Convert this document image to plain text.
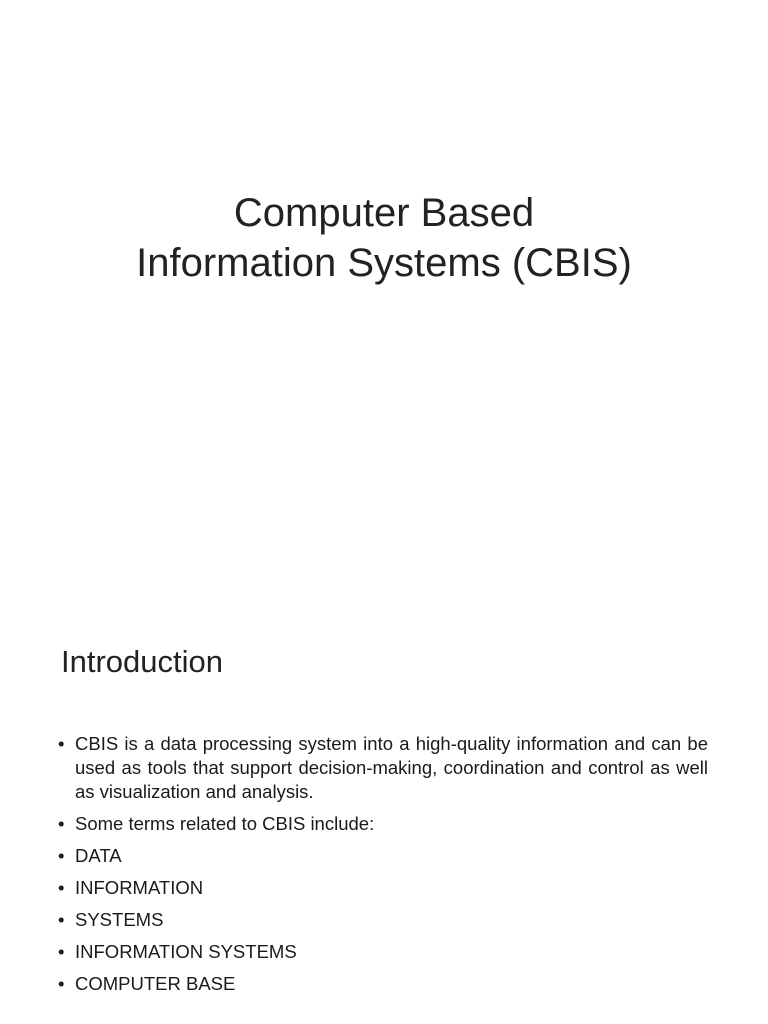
Computer Based
Information Systems (CBIS)
Introduction
• CBIS is a data processing system into a high-quality information and can be used as tools that support decision-making, coordination and control as well as visualization and analysis.
• Some terms related to CBIS include:
• DATA
• INFORMATION
• SYSTEMS
• INFORMATION SYSTEMS
• COMPUTER BASE
